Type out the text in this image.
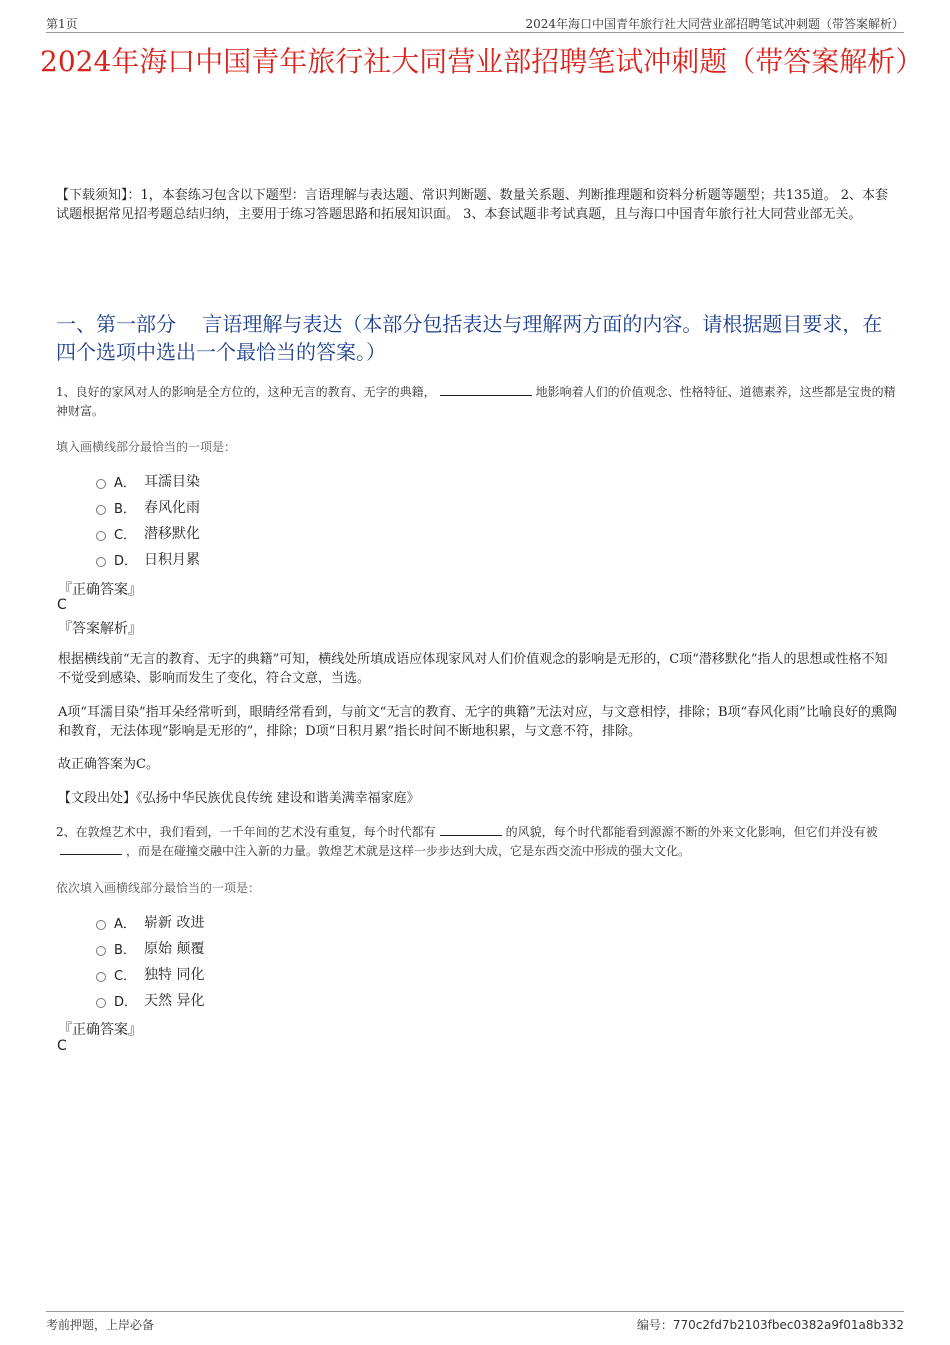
第1页	2024年海口中国青年旅行社大同营业部招聘笔试冲刺题（带答案解析）
2024年海口中国青年旅行社大同营业部招聘笔试冲刺题（带答案解析）
【下载须知】：1，本套练习包含以下题型：言语理解与表达题、常识判断题、数量关系题、判断推理题和资料分析题等题型；共135道。 2、本套试题根据常见招考题总结归纳，主要用于练习答题思路和拓展知识面。 3、本套试题非考试真题，且与海口中国青年旅行社大同营业部无关。
一、第一部分　 言语理解与表达（本部分包括表达与理解两方面的内容。请根据题目要求，在四个选项中选出一个最恰当的答案。）
1、良好的家风对人的影响是全方位的，这种无言的教育、无字的典籍，	地影响着人们的价值观念、性格特征、道德素养，这些都是宝贵的精神财富。
填入画横线部分最恰当的一项是：
A． 耳濡目染
B． 春风化雨
C． 潜移默化
D． 日积月累
『正确答案』
C
『答案解析』
根据横线前“无言的教育、无字的典籍”可知，横线处所填成语应体现家风对人们价值观念的影响是无形的，C项“潜移默化”指人的思想或性格不知不觉受到感染、影响而发生了变化，符合文意，当选。
A项“耳濡目染”指耳朵经常听到，眼睛经常看到，与前文“无言的教育、无字的典籍”无法对应，与文意相悖，排除；B项“春风化雨”比喻良好的熏陶和教育，无法体现“影响是无形的”，排除；D项“日积月累”指长时间不断地积累，与文意不符，排除。
故正确答案为C。
【文段出处】《弘扬中华民族优良传统 建设和谐美满幸福家庭》
2、在敦煌艺术中，我们看到，一千年间的艺术没有重复，每个时代都有	的风貌，每个时代都能看到源源不断的外来文化影响，但它们并没有被，而是在碰撞交融中注入新的力量。敦煌艺术就是这样一步步达到大成，它是东西交流中形成的强大文化。
依次填入画横线部分最恰当的一项是：
A． 崭新 改进
B． 原始 颠覆
C． 独特 同化
D． 天然 异化
『正确答案』
C
考前押题，上岸必备	编号：770c2fd7b2103fbec0382a9f01a8b332
